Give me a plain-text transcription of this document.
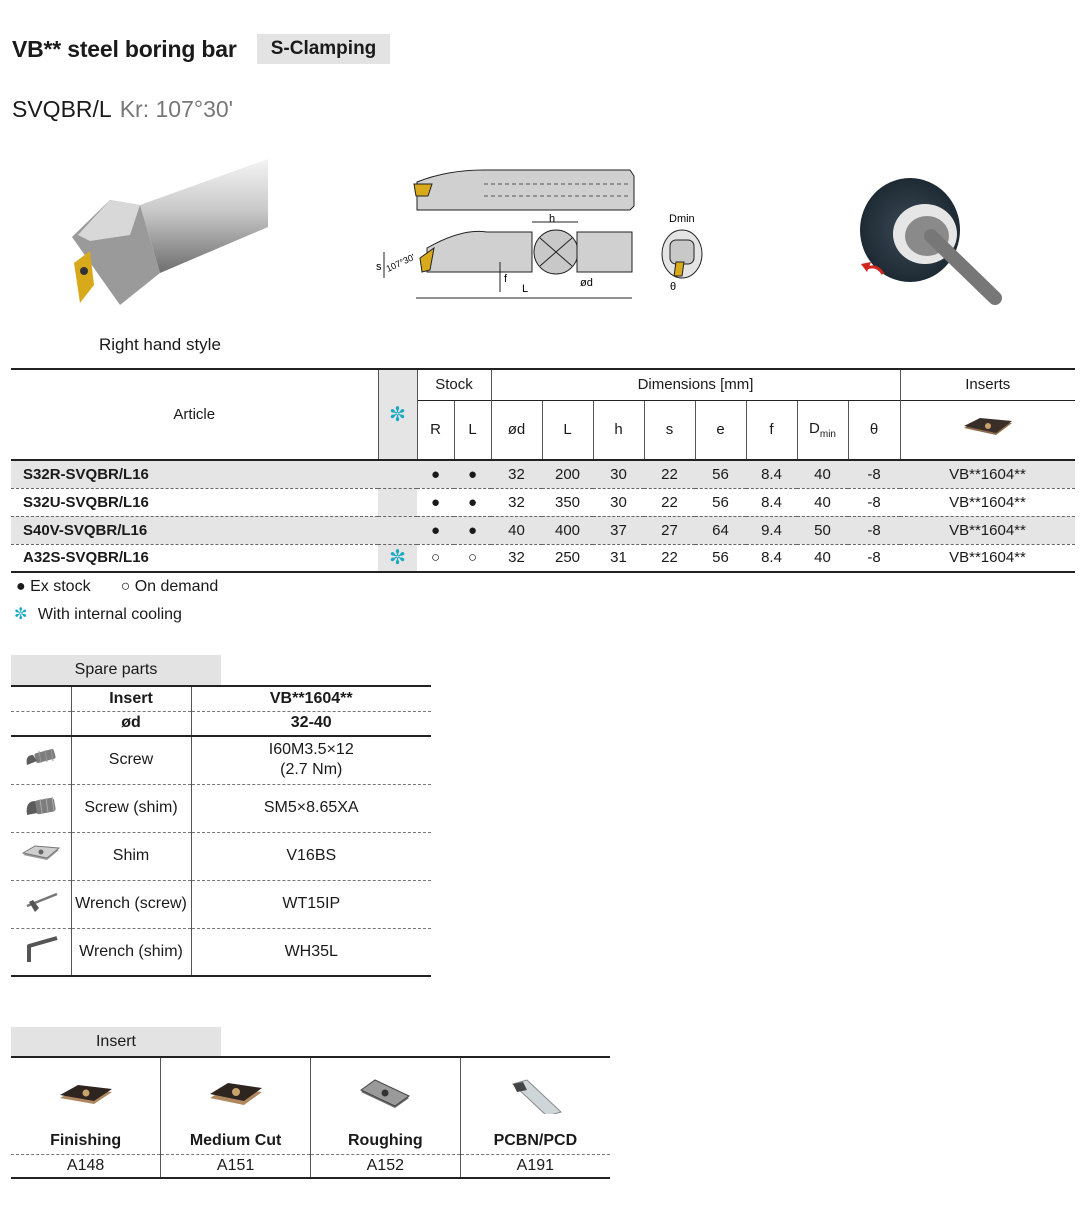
VB** steel boring bar	S-Clamping
SVQBR/L Kr: 107°30'
Right hand style
h
s 107°30'
f
L	ød
Dmin
θ
Article	✼	Stock		Dimensions [mm]								Inserts
		R	L	ød	L	h	s	e	f	$D_{min}$	θ	
S32R-SVQBR/L16		●	●	32	200	30	22	56	8.4	40	-8	VB**1604**
S32U-SVQBR/L16		●	●	32	350	30	22	56	8.4	40	-8	VB**1604**
S40V-SVQBR/L16		●	●	40	400	37	27	64	9.4	50	-8	VB**1604**
A32S-SVQBR/L16	✼	○	○	32	250	31	22	56	8.4	40	-8	VB**1604**
● Ex stock ○ On demand
✼ With internal cooling
Spare parts
	Insert	VB**1604**
	ød	32-40
	Screw	I60M3.5×12
(2.7 Nm)

	Screw (shim)	SM5×8.65XA
	Shim	V16BS
	Wrench (screw)	WT15IP
	Wrench (shim)	WH35L
Insert
Finishing	Medium Cut	Roughing	PCBN/PCD

A148	A151	A152	A191
